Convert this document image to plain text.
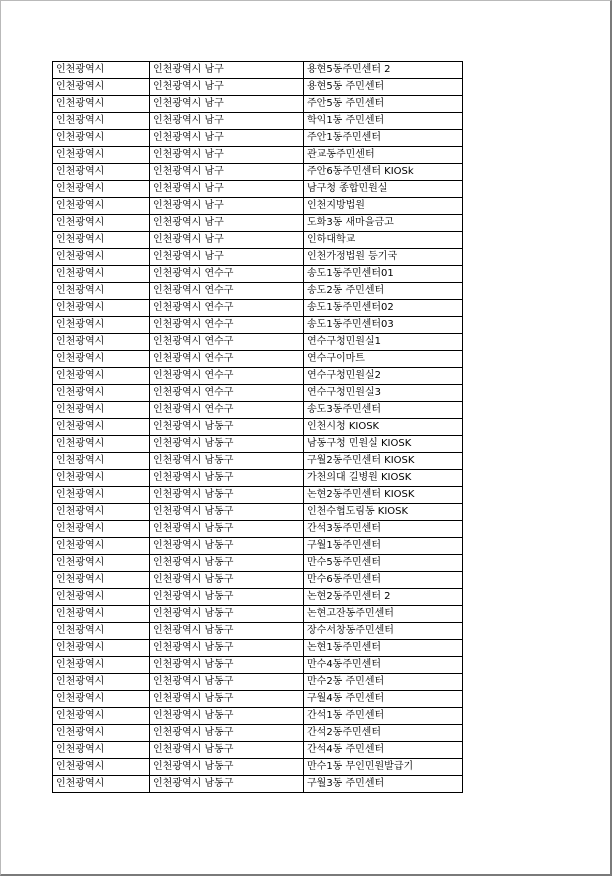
인천광역시	인천광역시 남구	용현5동주민센터 2
인천광역시	인천광역시 남구	용현5동 주민센터
인천광역시	인천광역시 남구	주안5동 주민센터
인천광역시	인천광역시 남구	학익1동 주민센터
인천광역시	인천광역시 남구	주안1동주민센터
인천광역시	인천광역시 남구	관교동주민센터
인천광역시	인천광역시 남구	주안6동주민센터 KIOSk
인천광역시	인천광역시 남구	남구청 종합민원실
인천광역시	인천광역시 남구	인천지방법원
인천광역시	인천광역시 남구	도화3동 새마을금고
인천광역시	인천광역시 남구	인하대학교
인천광역시	인천광역시 남구	인천가정법원 등기국
인천광역시	인천광역시 연수구	송도1동주민센터01
인천광역시	인천광역시 연수구	송도2동 주민센터
인천광역시	인천광역시 연수구	송도1동주민센터02
인천광역시	인천광역시 연수구	송도1동주민센터03
인천광역시	인천광역시 연수구	연수구청민원실1
인천광역시	인천광역시 연수구	연수구이마트
인천광역시	인천광역시 연수구	연수구청민원실2
인천광역시	인천광역시 연수구	연수구청민원실3
인천광역시	인천광역시 연수구	송도3동주민센터
인천광역시	인천광역시 남동구	인천시청 KIOSK
인천광역시	인천광역시 남동구	남동구청 민원실 KIOSK
인천광역시	인천광역시 남동구	구월2동주민센터 KIOSK
인천광역시	인천광역시 남동구	가천의대 길병원 KIOSK
인천광역시	인천광역시 남동구	논현2동주민센터 KIOSK
인천광역시	인천광역시 남동구	인천수협도림동 KIOSK
인천광역시	인천광역시 남동구	간석3동주민센터
인천광역시	인천광역시 남동구	구월1동주민센터
인천광역시	인천광역시 남동구	만수5동주민센터
인천광역시	인천광역시 남동구	만수6동주민센터
인천광역시	인천광역시 남동구	논현2동주민센터 2
인천광역시	인천광역시 남동구	논현고잔동주민센터
인천광역시	인천광역시 남동구	장수서창동주민센터
인천광역시	인천광역시 남동구	논현1동주민센터
인천광역시	인천광역시 남동구	만수4동주민센터
인천광역시	인천광역시 남동구	만수2동 주민센터
인천광역시	인천광역시 남동구	구월4동 주민센터
인천광역시	인천광역시 남동구	간석1동 주민센터
인천광역시	인천광역시 남동구	간석2동주민센터
인천광역시	인천광역시 남동구	간석4동 주민센터
인천광역시	인천광역시 남동구	만수1동 무인민원발급기
인천광역시	인천광역시 남동구	구월3동 주민센터
